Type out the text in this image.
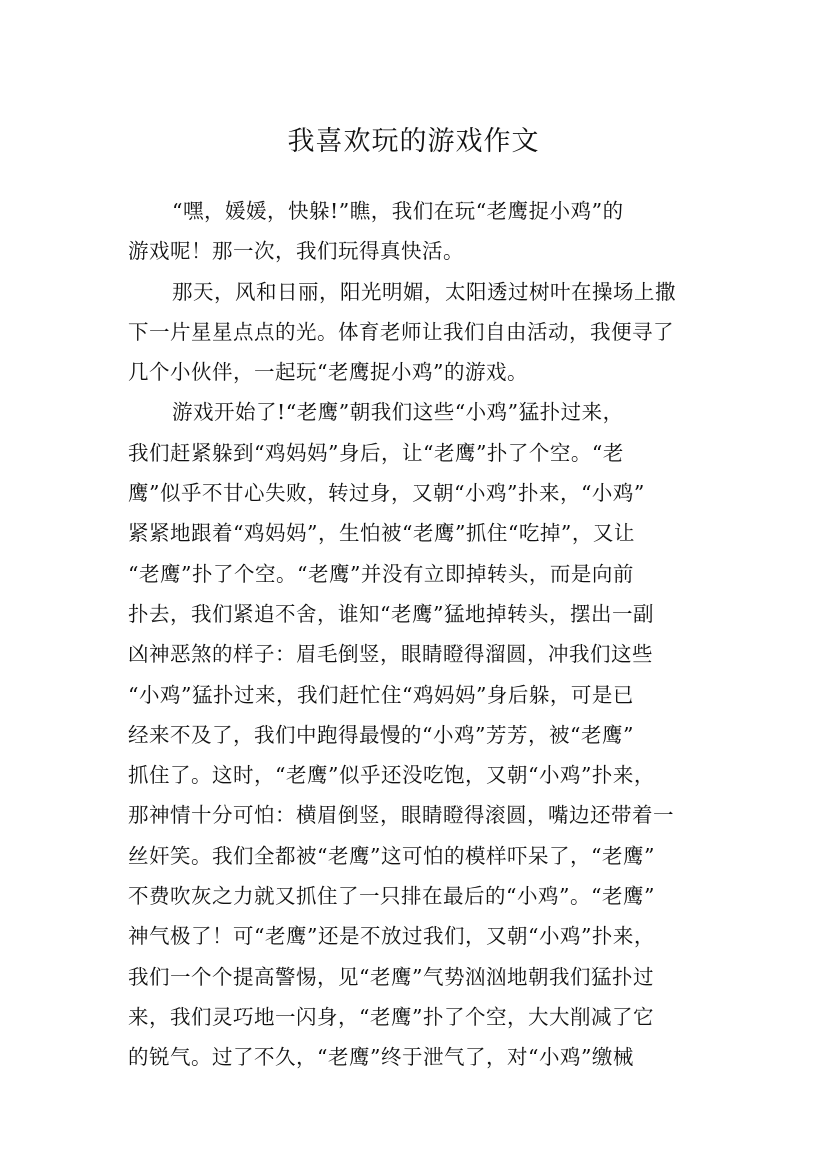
我喜欢玩的游戏作文
“嘿，媛媛，快躲!”瞧，我们在玩“老鹰捉小鸡”的
游戏呢！那一次，我们玩得真快活。
那天，风和日丽，阳光明媚，太阳透过树叶在操场上撒
下一片星星点点的光。体育老师让我们自由活动，我便寻了
几个小伙伴，一起玩“老鹰捉小鸡”的游戏。
游戏开始了!“老鹰”朝我们这些“小鸡”猛扑过来，
我们赶紧躲到“鸡妈妈”身后，让“老鹰”扑了个空。“老
鹰”似乎不甘心失败，转过身，又朝“小鸡”扑来，“小鸡”
紧紧地跟着“鸡妈妈”，生怕被“老鹰”抓住“吃掉”，又让
“老鹰”扑了个空。“老鹰”并没有立即掉转头，而是向前
扑去，我们紧追不舍，谁知“老鹰”猛地掉转头，摆出一副
凶神恶煞的样子：眉毛倒竖，眼睛瞪得溜圆，冲我们这些
“小鸡”猛扑过来，我们赶忙住“鸡妈妈”身后躲，可是已
经来不及了，我们中跑得最慢的“小鸡”芳芳，被“老鹰”
抓住了。这时，“老鹰”似乎还没吃饱，又朝“小鸡”扑来，
那神情十分可怕：横眉倒竖，眼睛瞪得滚圆，嘴边还带着一
丝奸笑。我们全都被“老鹰”这可怕的模样吓呆了，“老鹰”
不费吹灰之力就又抓住了一只排在最后的“小鸡”。“老鹰”
神气极了！可“老鹰”还是不放过我们，又朝“小鸡”扑来，
我们一个个提高警惕，见“老鹰”气势汹汹地朝我们猛扑过
来，我们灵巧地一闪身，“老鹰”扑了个空，大大削减了它
的锐气。过了不久，“老鹰”终于泄气了，对“小鸡”缴械
